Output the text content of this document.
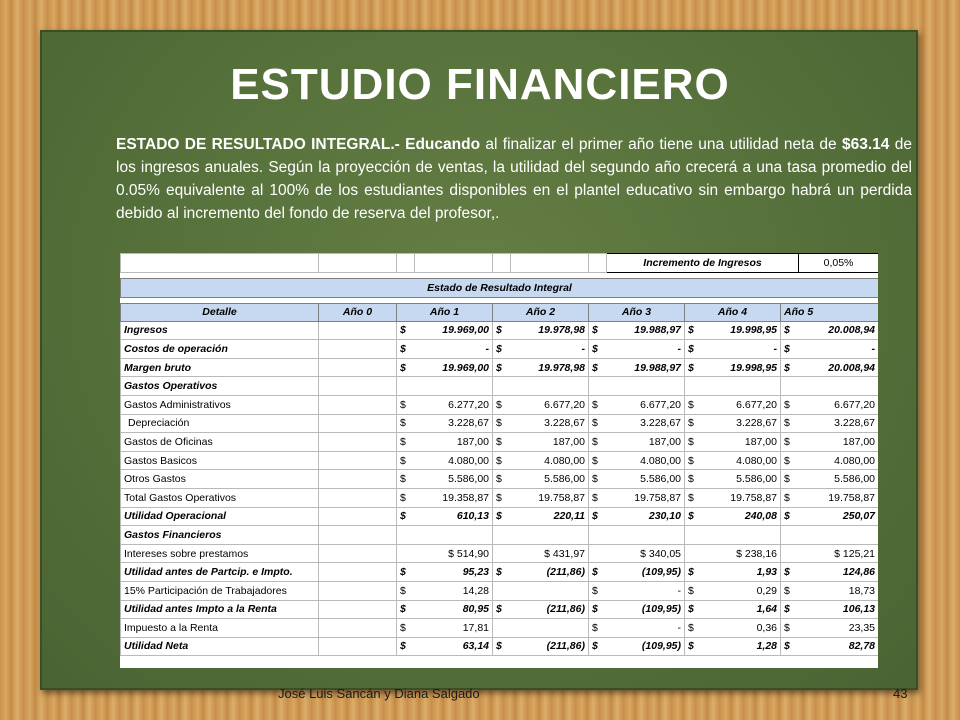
ESTUDIO FINANCIERO
ESTADO DE RESULTADO INTEGRAL.- Educando al finalizar el primer año tiene una utilidad neta de $63.14 de los ingresos anuales. Según la proyección de ventas, la utilidad del segundo año crecerá a una tasa promedio del 0.05% equivalente al 100% de los estudiantes disponibles en el plantel educativo sin embargo habrá un perdida debido al incremento del fondo de reserva del profesor,.
							Incremento de Ingresos				0,05%

Estado de Resultado Integral											

Detalle	Año 0	Año 1		Año 2		Año 3		Año 4		Año 5	
Ingresos		$	19.969,00	$	19.978,98	$	19.988,97	$	19.998,95	$	20.008,94
Costos de operación		$	-	$	-	$	-	$	-	$	-
Margen bruto		$	19.969,00	$	19.978,98	$	19.988,97	$	19.998,95	$	20.008,94
Gastos Operativos											
Gastos Administrativos		$	6.277,20	$	6.677,20	$	6.677,20	$	6.677,20	$	6.677,20
Depreciación		$	3.228,67	$	3.228,67	$	3.228,67	$	3.228,67	$	3.228,67
Gastos de Oficinas		$	187,00	$	187,00	$	187,00	$	187,00	$	187,00
Gastos Basicos		$	4.080,00	$	4.080,00	$	4.080,00	$	4.080,00	$	4.080,00
Otros Gastos		$	5.586,00	$	5.586,00	$	5.586,00	$	5.586,00	$	5.586,00
Total Gastos Operativos		$	19.358,87	$	19.758,87	$	19.758,87	$	19.758,87	$	19.758,87
Utilidad Operacional		$	610,13	$	220,11	$	230,10	$	240,08	$	250,07
Gastos Financieros											
Intereses sobre prestamos		$ 514,90		$ 431,97		$ 340,05		$ 238,16		$ 125,21	
Utilidad antes de Partcip. e Impto.		$	95,23	$	(211,86)	$	(109,95)	$	1,93	$	124,86
15% Participación de Trabajadores		$	14,28			$	-	$	0,29	$	18,73
Utilidad antes Impto a la Renta		$	80,95	$	(211,86)	$	(109,95)	$	1,64	$	106,13
Impuesto a la Renta		$	17,81			$	-	$	0,36	$	23,35
Utilidad Neta		$	63,14	$	(211,86)	$	(109,95)	$	1,28	$	82,78
José Luis Sancán y Diana Salgado	43
